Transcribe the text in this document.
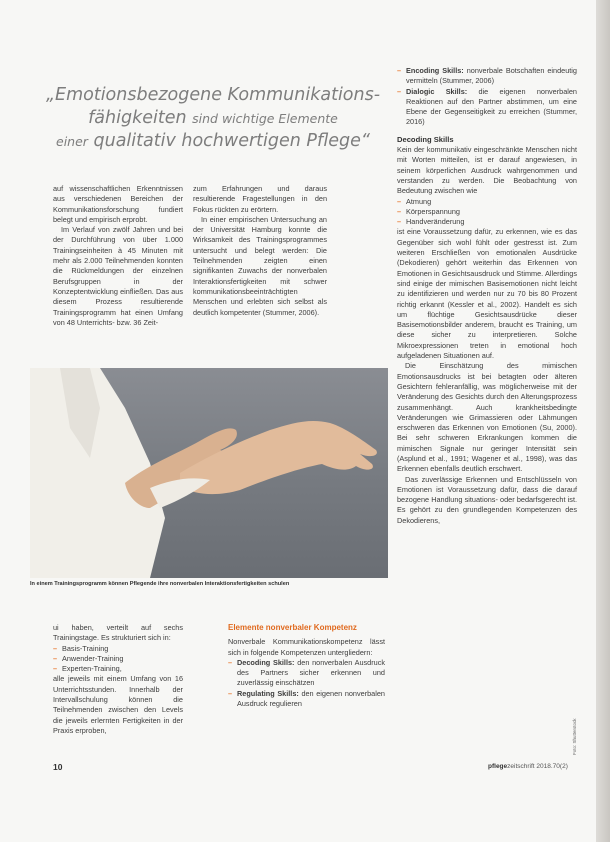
„Emotionsbezogene Kommunikations-
fähigkeiten sind wichtige Elemente
einer qualitativ hochwertigen Pflege“

auf wissenschaftlichen Erkenntnissen aus verschiedenen Bereichen der Kommunikationsforschung fundiert belegt und empirisch erprobt.

Im Verlauf von zwölf Jahren und bei der Durchführung von über 1.000 Trainingseinheiten à 45 Minuten mit mehr als 2.000 Teilnehmenden konnten die Rückmeldungen der einzelnen Berufsgruppen in der Konzeptentwicklung einfließen. Das aus diesem Prozess resultierende Trainingsprogramm hat einen Umfang von 48 Unterrichts- bzw. 36 Zeit-

zum Erfahrungen und daraus resultierende Fragestellungen in den Fokus rückten zu erörtern.

In einer empirischen Untersuchung an der Universität Hamburg konnte die Wirksamkeit des Trainingsprogrammes untersucht und belegt werden: Die Teilnehmenden zeigten einen signifikanten Zuwachs der nonverbalen Interaktionsfertigkeiten mit schwer kommunikationsbeeinträchtigten Menschen und erlebten sich selbst als deutlich kompetenter (Stummer, 2006).

In einem Trainingsprogramm können Pflegende ihre nonverbalen Interaktionsfertigkeiten schulen
– Encoding Skills: nonverbale Botschaften eindeutig vermitteln (Stummer, 2006)
– Dialogic Skills: die eigenen nonverbalen Reaktionen auf den Partner abstimmen, um eine Ebene der Gegenseitigkeit zu erreichen (Stummer, 2016)
Decoding Skills

Kein der kommunikativ eingeschränkte Menschen nicht mit Worten mitteilen, ist er darauf angewiesen, in seinem körperlichen Ausdruck wahrgenommen und verstanden zu werden. Die Beobachtung von Bedeutung zwischen wie

– Atmung
– Körperspannung
– Handveränderung

ist eine Voraussetzung dafür, zu erkennen, wie es das Gegenüber sich wohl fühlt oder gestresst ist. Zum weiteren Erschließen von emotionalen Ausdrücke (Dekodieren) gehört weiterhin das Erkennen von Emotionen in Gesichtsausdruck und Stimme. Allerdings sind einige der mimischen Basisemotionen nicht leicht zu identifizieren und werden nur zu 70 bis 80 Prozent richtig erkannt (Kessler et al., 2002). Handelt es sich um flüchtige Gesichtsausdrücke dieser Basisemotionsbilder anderem, braucht es Training, um diese sicher zu interpretieren. Solche Mikroexpressionen treten in emotional hoch aufgeladenen Situationen auf.

Die Einschätzung des mimischen Emotionsausdrucks ist bei betagten oder älteren Gesichtern fehleranfällig, was möglicherweise mit der Veränderung des Gesichts durch den Alterungsprozess zusammenhängt. Auch krankheitsbedingte Veränderungen wie Grimassieren oder Lähmungen erschweren das Erkennen von Emotionen (Su, 2000). Bei sehr schweren Erkrankungen kommen die mimischen Signale nur geringer Intensität sein (Asplund et al., 1991; Wagener et al., 1998), was das Erkennen ebenfalls deutlich erschwert.

Das zuverlässige Erkennen und Entschlüsseln von Emotionen ist Voraussetzung dafür, dass die darauf bezogene Handlung situations- oder bedarfsgerecht ist. Es gehört zu den grundlegenden Kompetenzen des Dekodierens,

ui haben, verteilt auf sechs Trainingstage. Es strukturiert sich in:

– Basis-Training
– Anwender-Training
– Experten-Training,

alle jeweils mit einem Umfang von 16 Unterrichtsstunden. Innerhalb der Intervallschulung können die Teilnehmenden zwischen den Levels die jeweils erlernten Fertigkeiten in der Praxis erproben,

Elemente nonverbaler Kompetenz

Nonverbale Kommunikationskompetenz lässt sich in folgende Kompetenzen untergliedern:

– Decoding Skills: den nonverbalen Ausdruck des Partners sicher erkennen und zuverlässig einschätzen
– Regulating Skills: den eigenen nonverbalen Ausdruck regulieren
10	pflegezeitschrift 2018.70(2)
Foto: Shutterstock
